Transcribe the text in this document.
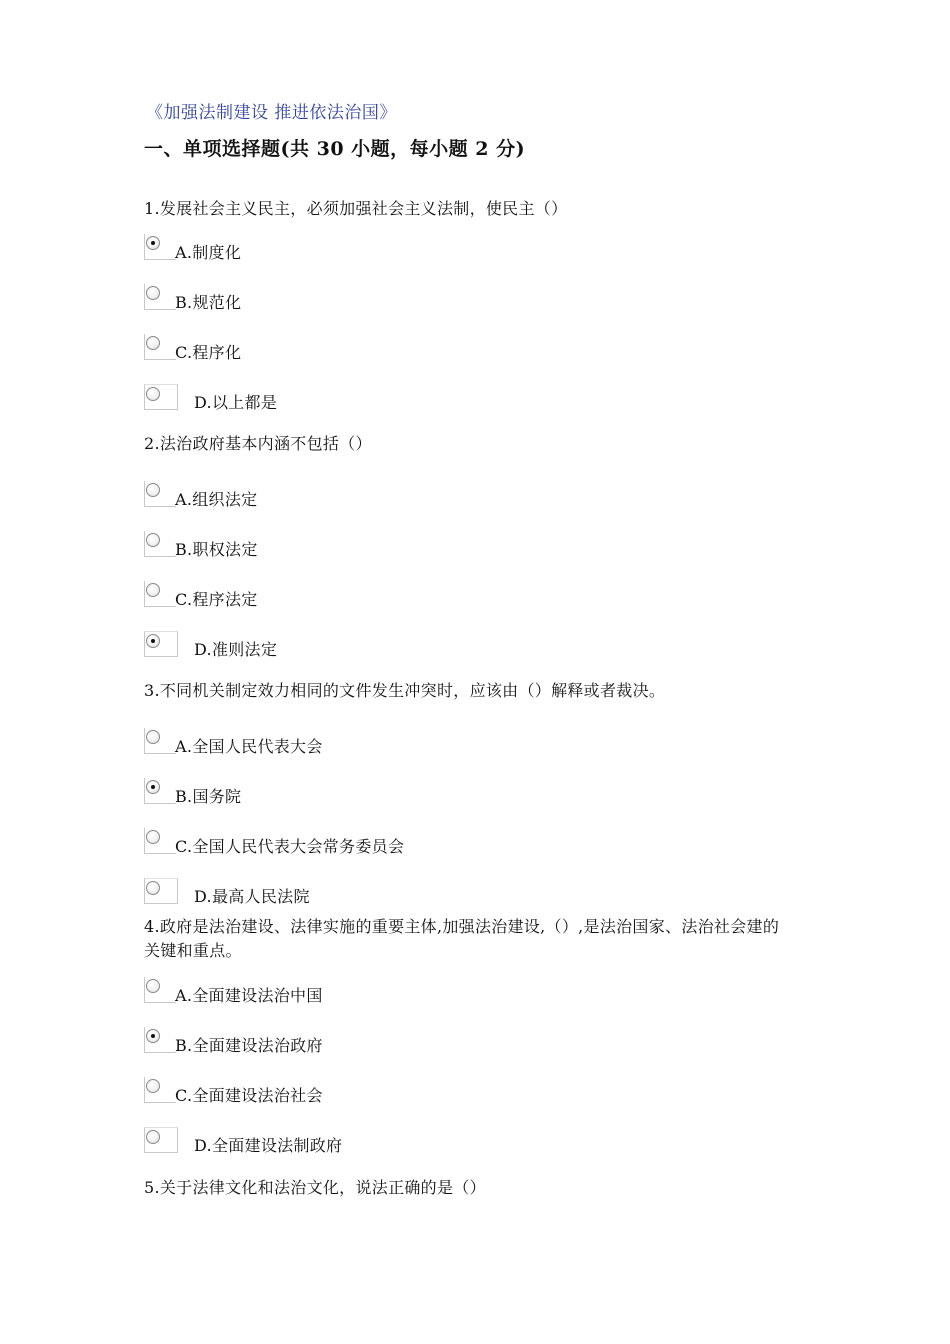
《加强法制建设 推进依法治国》
一、单项选择题(共 30 小题，每小题 2 分)
1.发展社会主义民主，必须加强社会主义法制，使民主（）
A.制度化
B.规范化
C.程序化
D.以上都是
2.法治政府基本内涵不包括（）
A.组织法定
B.职权法定
C.程序法定
D.准则法定
3.不同机关制定效力相同的文件发生冲突时，应该由（）解释或者裁决。
A.全国人民代表大会
B.国务院
C.全国人民代表大会常务委员会
D.最高人民法院
4.政府是法治建设、法律实施的重要主体,加强法治建设,（）,是法治国家、法治社会建的关键和重点。
A.全面建设法治中国
B.全面建设法治政府
C.全面建设法治社会
D.全面建设法制政府
5.关于法律文化和法治文化，说法正确的是（）
